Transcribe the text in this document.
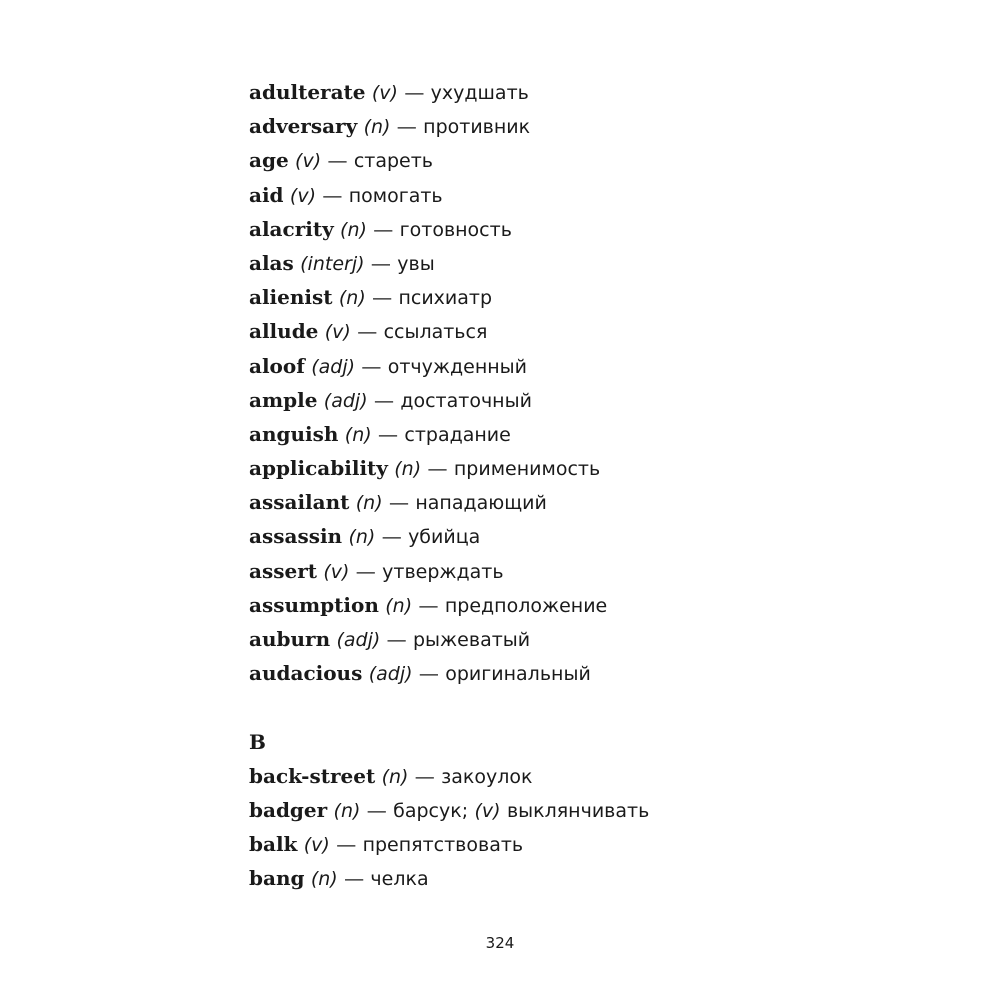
adulterate (v) — ухудшать
adversary (n) — противник
age (v) — стареть
aid (v) — помогать
alacrity (n) — готовность
alas (interj) — увы
alienist (n) — психиатр
allude (v) — ссылаться
aloof (adj) — отчужденный
ample (adj) — достаточный
anguish (n) — страдание
applicability (n) — применимость
assailant (n) — нападающий
assassin (n) — убийца
assert (v) — утверждать
assumption (n) — предположение
auburn (adj) — рыжеватый
audacious (adj) — оригинальный
B
back-street (n) — закоулок
badger (n) — барсук; (v) выклянчивать
balk (v) — препятствовать
bang (n) — челка
324
